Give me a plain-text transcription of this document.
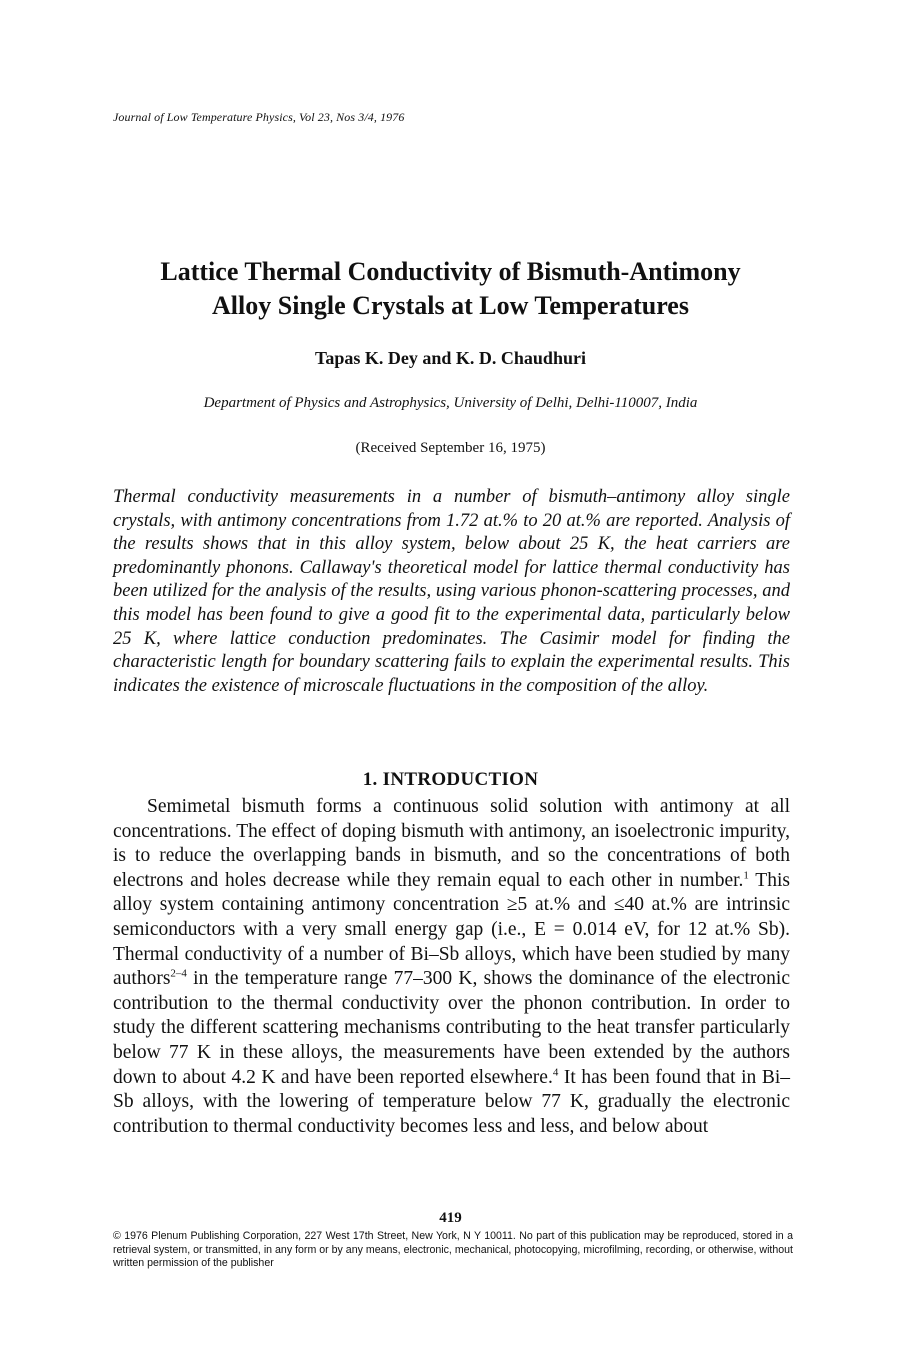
Journal of Low Temperature Physics, Vol 23, Nos 3/4, 1976
Lattice Thermal Conductivity of Bismuth-Antimony
Alloy Single Crystals at Low Temperatures
Tapas K. Dey and K. D. Chaudhuri
Department of Physics and Astrophysics, University of Delhi, Delhi-110007, India
(Received September 16, 1975)
Thermal conductivity measurements in a number of bismuth–antimony alloy single crystals, with antimony concentrations from 1.72 at.% to 20 at.% are reported. Analysis of the results shows that in this alloy system, below about 25 K, the heat carriers are predominantly phonons. Callaway's theoretical model for lattice thermal conductivity has been utilized for the analysis of the results, using various phonon-scattering processes, and this model has been found to give a good fit to the experimental data, particularly below 25 K, where lattice conduction predominates. The Casimir model for finding the characteristic length for boundary scattering fails to explain the experimental results. This indicates the existence of microscale fluctuations in the composition of the alloy.
1. INTRODUCTION

Semimetal bismuth forms a continuous solid solution with antimony at all concentrations. The effect of doping bismuth with antimony, an isoelectronic impurity, is to reduce the overlapping bands in bismuth, and so the concentrations of both electrons and holes decrease while they remain equal to each other in number.$^1$ This alloy system containing antimony concentration ≥5 at.% and ≤40 at.% are intrinsic semiconductors with a very small energy gap (i.e., E = 0.014 eV, for 12 at.% Sb). Thermal conductivity of a number of Bi–Sb alloys, which have been studied by many authors$^{2-4}$ in the temperature range 77–300 K, shows the dominance of the electronic contribution to the thermal conductivity over the phonon contribution. In order to study the different scattering mechanisms contributing to the heat transfer particularly below 77 K in these alloys, the measurements have been extended by the authors down to about 4.2 K and have been reported elsewhere.$^4$ It has been found that in Bi–Sb alloys, with the lowering of temperature below 77 K, gradually the electronic contribution to thermal conductivity becomes less and less, and below about

419
© 1976 Plenum Publishing Corporation, 227 West 17th Street, New York, N Y 10011. No part of this publication may be reproduced, stored in a retrieval system, or transmitted, in any form or by any means, electronic, mechanical, photocopying, microfilming, recording, or otherwise, without written permission of the publisher
